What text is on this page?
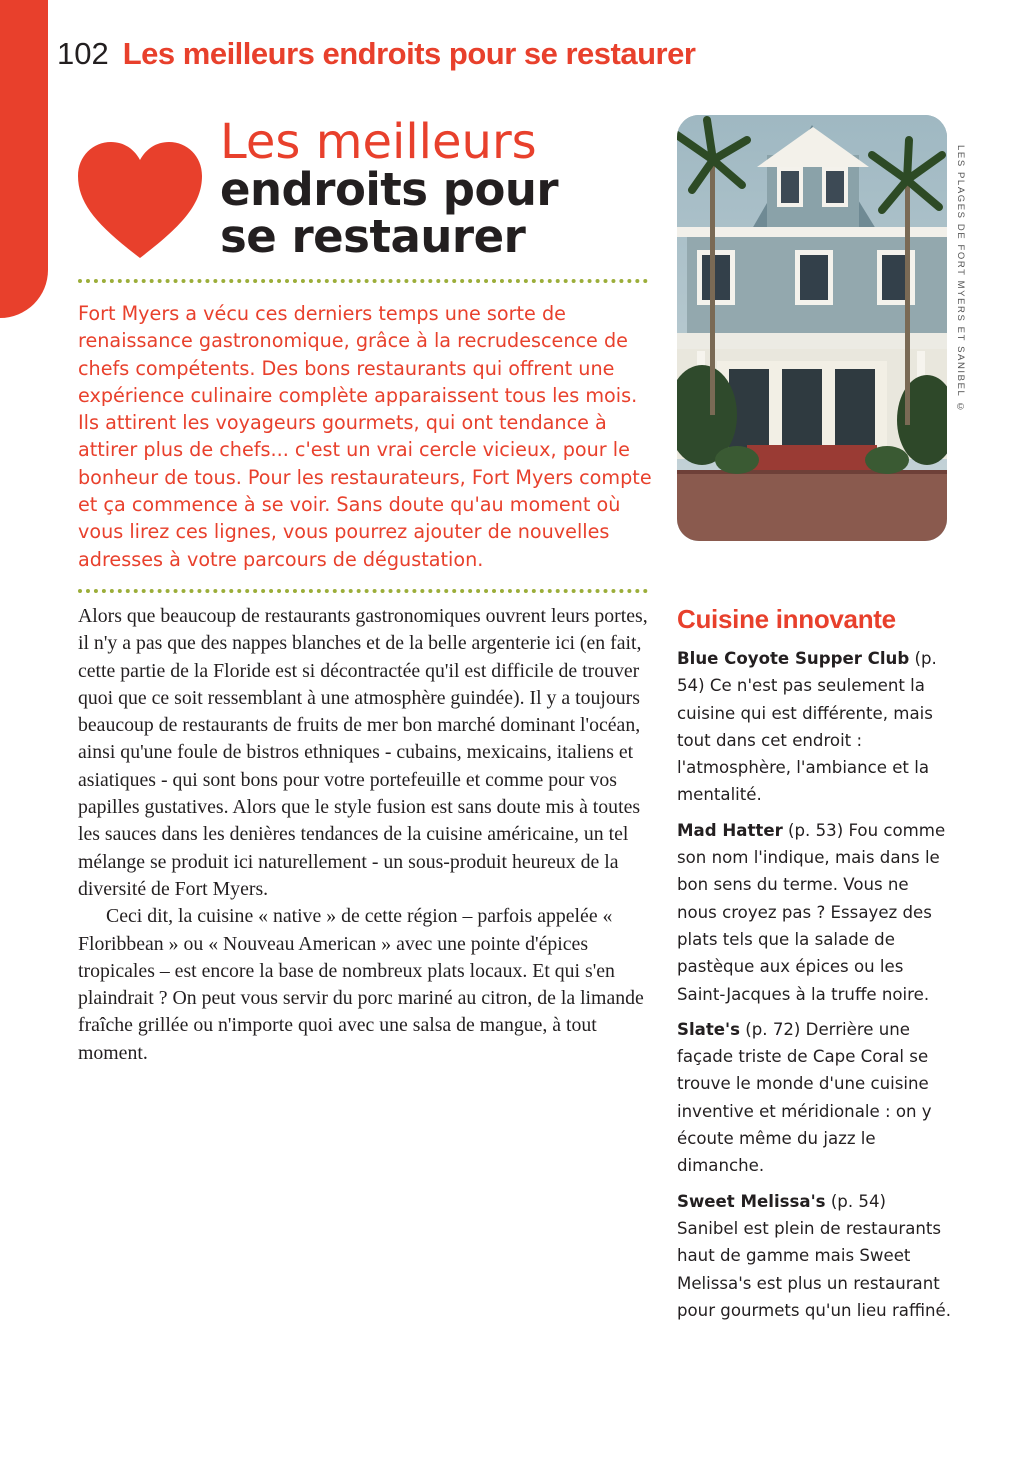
102 Les meilleurs endroits pour se restaurer
Les meilleurs
endroits pour
se restaurer
Fort Myers a vécu ces derniers temps une sorte de renaissance gastronomique, grâce à la recrudescence de chefs compétents. Des bons restaurants qui offrent une expérience culinaire complète apparaissent tous les mois. Ils attirent les voyageurs gourmets, qui ont tendance à attirer plus de chefs... c'est un vrai cercle vicieux, pour le bonheur de tous. Pour les restaurateurs, Fort Myers compte et ça commence à se voir. Sans doute qu'au moment où vous lirez ces lignes, vous pourrez ajouter de nouvelles adresses à votre parcours de dégustation.

Alors que beaucoup de restaurants gastronomiques ouvrent leurs portes, il n'y a pas que des nappes blanches et de la belle argenterie ici (en fait, cette partie de la Floride est si décontractée qu'il est difficile de trouver quoi que ce soit ressemblant à une atmosphère guindée). Il y a toujours beaucoup de restaurants de fruits de mer bon marché dominant l'océan, ainsi qu'une foule de bistros ethniques - cubains, mexicains, italiens et asiatiques - qui sont bons pour votre portefeuille et comme pour vos papilles gustatives. Alors que le style fusion est sans doute mis à toutes les sauces dans les denières tendances de la cuisine américaine, un tel mélange se produit ici naturellement - un sous-produit heureux de la diversité de Fort Myers.

Ceci dit, la cuisine « native » de cette région – parfois appelée « Floribbean » ou « Nouveau American » avec une pointe d'épices tropicales – est encore la base de nombreux plats locaux. Et qui s'en plaindrait ? On peut vous servir du porc mariné au citron, de la limande fraîche grillée ou n'importe quoi avec une salsa de mangue, à tout moment.

LES PLAGES DE FORT MYERS ET SANIBEL ©
Cuisine innovante

Blue Coyote Supper Club (p. 54) Ce n'est pas seulement la cuisine qui est différente, mais tout dans cet endroit : l'atmosphère, l'ambiance et la mentalité.

Mad Hatter (p. 53) Fou comme son nom l'indique, mais dans le bon sens du terme. Vous ne nous croyez pas ? Essayez des plats tels que la salade de pastèque aux épices ou les Saint-Jacques à la truffe noire.

Slate's (p. 72) Derrière une façade triste de Cape Coral se trouve le monde d'une cuisine inventive et méridionale : on y écoute même du jazz le dimanche.

Sweet Melissa's (p. 54) Sanibel est plein de restaurants haut de gamme mais Sweet Melissa's est plus un restaurant pour gourmets qu'un lieu raffiné.
